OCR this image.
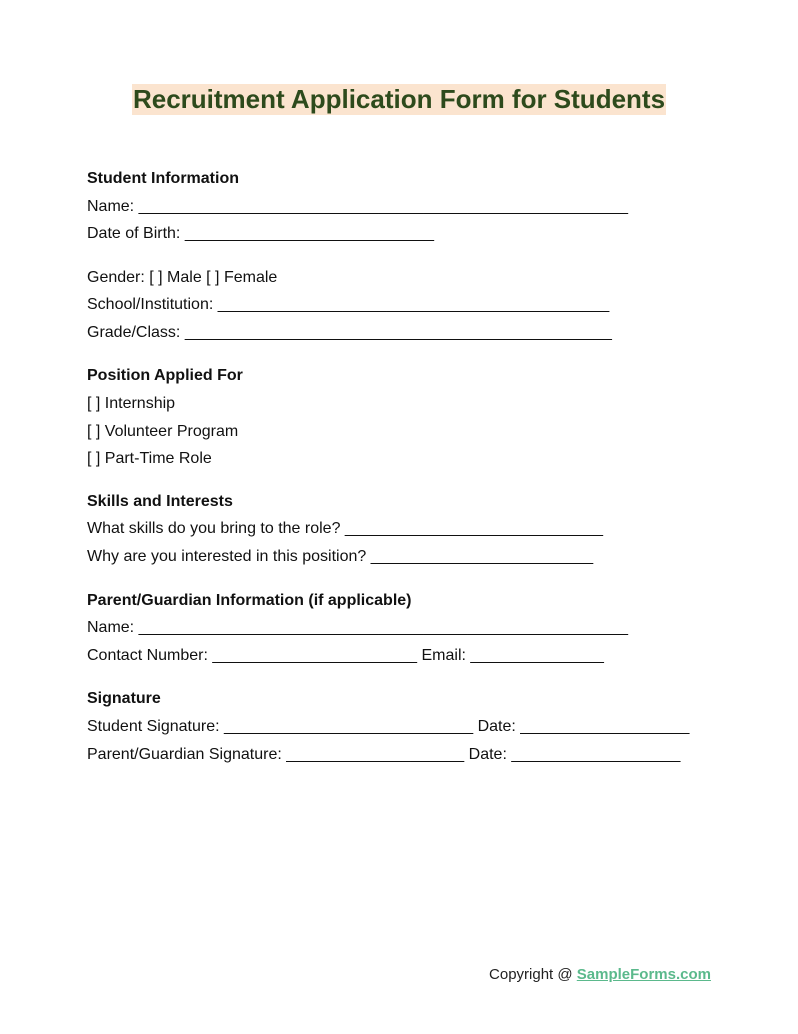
Recruitment Application Form for Students
Student Information
Name: _______________________________________________________
Date of Birth: ____________________________
Gender: [ ] Male [ ] Female
School/Institution: ____________________________________________
Grade/Class: ________________________________________________
Position Applied For
[ ] Internship
[ ] Volunteer Program
[ ] Part-Time Role
Skills and Interests
What skills do you bring to the role? _____________________________
Why are you interested in this position? _________________________
Parent/Guardian Information (if applicable)
Name: _______________________________________________________
Contact Number: _______________________ Email: _______________
Signature
Student Signature: ____________________________ Date: ___________________
Parent/Guardian Signature: ____________________ Date: ___________________
Copyright @ SampleForms.com
